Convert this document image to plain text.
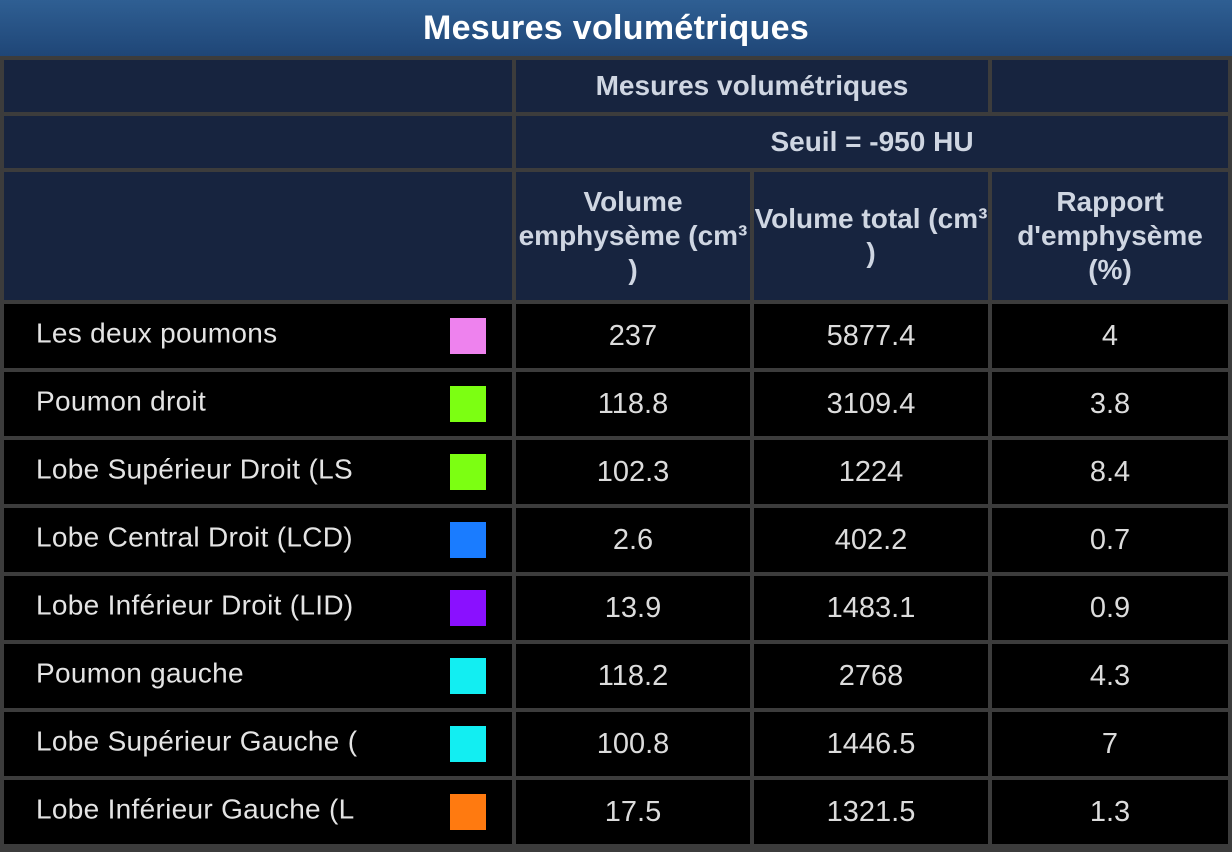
Mesures volumétriques
	Mesures volumétriques		
	Seuil = -950 HU		
	Volume emphysème (cm³ )	Volume total (cm³ )	Rapport d'emphysème (%)

Les deux poumons	237	5877.4	4

Poumon droit	118.8	3109.4	3.8

Lobe Supérieur Droit (LS	102.3	1224	8.4

Lobe Central Droit (LCD)	2.6	402.2	0.7

Lobe Inférieur Droit (LID)	13.9	1483.1	0.9

Poumon gauche	118.2	2768	4.3

Lobe Supérieur Gauche (	100.8	1446.5	7

Lobe Inférieur Gauche (L	17.5	1321.5	1.3
